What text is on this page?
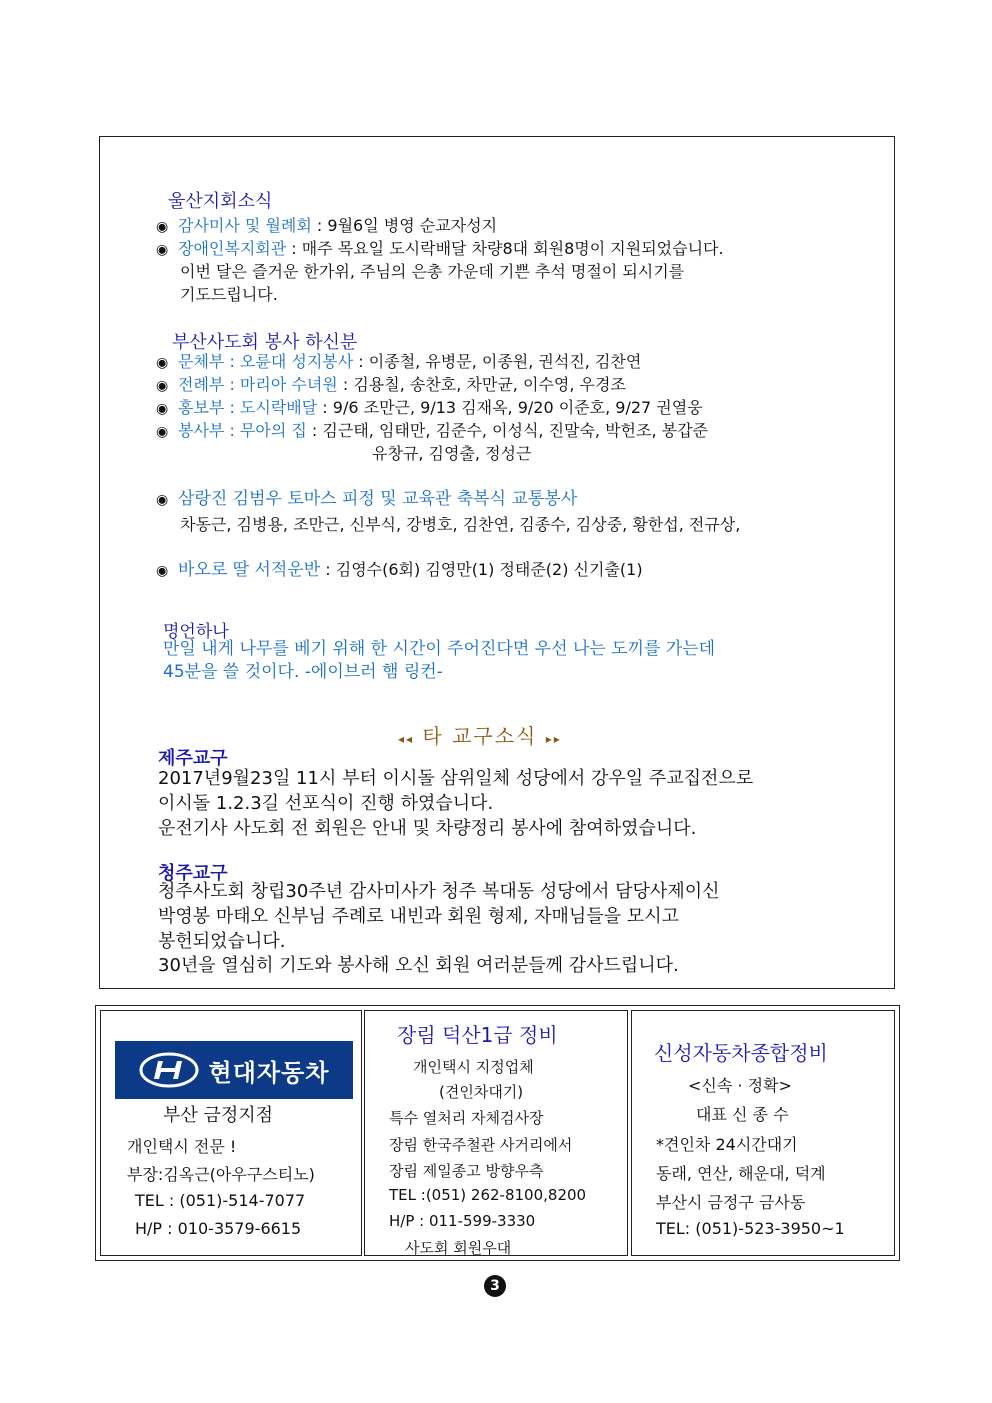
울산지회소식
◉ 감사미사 및 월례회 : 9월6일 병영 순교자성지
◉ 장애인복지회관 : 매주 목요일 도시락배달 차량8대 회원8명이 지원되었습니다.
이번 달은 즐거운 한가위, 주님의 은총 가운데 기쁜 추석 명절이 되시기를
기도드립니다.
부산사도회 봉사 하신분
◉ 문체부 : 오륜대 성지봉사 : 이종철, 유병문, 이종원, 권석진, 김찬연
◉ 전례부 : 마리아 수녀원 : 김용칠, 송찬호, 차만균, 이수영, 우경조
◉ 홍보부 : 도시락배달 : 9/6 조만근, 9/13 김재옥, 9/20 이준호, 9/27 권열웅
◉ 봉사부 : 무아의 집 : 김근태, 임태만, 김준수, 이성식, 진말숙, 박헌조, 봉갑준
유창규, 김영출, 정성근
◉ 삼랑진 김범우 토마스 피정 및 교육관 축복식 교통봉사
차동근, 김병용, 조만근, 신부식, 강병호, 김찬연, 김종수, 김상중, 황한섭, 전규상,
◉ 바오로 딸 서적운반 : 김영수(6회) 김영만(1) 정태준(2) 신기출(1)
명언하나
만일 내게 나무를 베기 위해 한 시간이 주어진다면 우선 나는 도끼를 가는데
45분을 쓸 것이다. -에이브러 햄 링컨-
◂◂ 타 교구소식 ▸▸
제주교구
2017년9월23일 11시 부터 이시돌 삼위일체 성당에서 강우일 주교집전으로
이시돌 1.2.3길 선포식이 진행 하였습니다.
운전기사 사도회 전 회원은 안내 및 차량정리 봉사에 참여하였습니다.
청주교구
청주사도회 창립30주년 감사미사가 청주 복대동 성당에서 담당사제이신
박영봉 마태오 신부님 주례로 내빈과 회원 형제, 자매님들을 모시고
봉헌되었습니다.
30년을 열심히 기도와 봉사해 오신 회원 여러분들께 감사드립니다.
현대자동차
부산 금정지점
개인택시 전문 !
부장:김옥근(아우구스티노)
TEL : (051)-514-7077
H/P : 010-3579-6615
장림 덕산1급 정비
개인택시 지정업체
(견인차대기)
특수 열처리 자체검사장
장림 한국주철관 사거리에서
장림 제일종고 방향우측
TEL :(051) 262-8100,8200
H/P : 011-599-3330
사도회 회원우대
신성자동차종합정비
<신속 · 정확>
대표 신 종 수
*견인차 24시간대기
동래, 연산, 해운대, 덕계
부산시 금정구 금사동
TEL: (051)-523-3950~1
3
